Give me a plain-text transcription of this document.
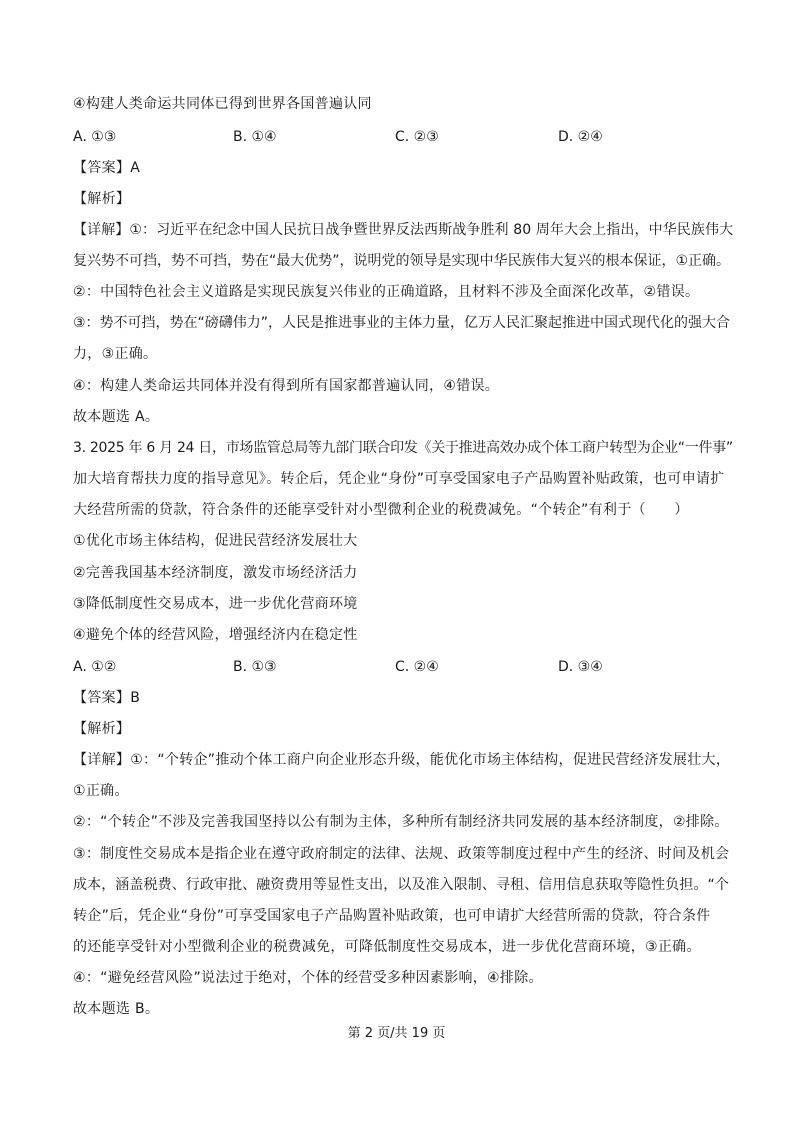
④构建人类命运共同体已得到世界各国普遍认同
A. ①③	B. ①④	C. ②③	D. ②④
【答案】A
【解析】
【详解】①：习近平在纪念中国人民抗日战争暨世界反法西斯战争胜利 80 周年大会上指出，中华民族伟大
复兴势不可挡，势不可挡，势在“最大优势”，说明党的领导是实现中华民族伟大复兴的根本保证，①正确。
②：中国特色社会主义道路是实现民族复兴伟业的正确道路，且材料不涉及全面深化改革，②错误。
③：势不可挡，势在“磅礴伟力”，人民是推进事业的主体力量，亿万人民汇聚起推进中国式现代化的强大合
力，③正确。
④：构建人类命运共同体并没有得到所有国家都普遍认同，④错误。
故本题选 A。
3. 2025 年 6 月 24 日，市场监管总局等九部门联合印发《关于推进高效办成个体工商户转型为企业“一件事”
加大培育帮扶力度的指导意见》。转企后，凭企业“身份”可享受国家电子产品购置补贴政策，也可申请扩
大经营所需的贷款，符合条件的还能享受针对小型微利企业的税费减免。“个转企”有利于（　　）
①优化市场主体结构，促进民营经济发展壮大
②完善我国基本经济制度，激发市场经济活力
③降低制度性交易成本，进一步优化营商环境
④避免个体的经营风险，增强经济内在稳定性
A. ①②	B. ①③	C. ②④	D. ③④
【答案】B
【解析】
【详解】①：“个转企”推动个体工商户向企业形态升级，能优化市场主体结构，促进民营经济发展壮大，
①正确。
②：“个转企”不涉及完善我国坚持以公有制为主体，多种所有制经济共同发展的基本经济制度，②排除。
③：制度性交易成本是指企业在遵守政府制定的法律、法规、政策等制度过程中产生的经济、时间及机会
成本，涵盖税费、行政审批、融资费用等显性支出，以及准入限制、寻租、信用信息获取等隐性负担。“个
转企”后，凭企业“身份”可享受国家电子产品购置补贴政策，也可申请扩大经营所需的贷款，符合条件
的还能享受针对小型微利企业的税费减免，可降低制度性交易成本，进一步优化营商环境，③正确。
④：“避免经营风险”说法过于绝对，个体的经营受多种因素影响，④排除。
故本题选 B。
第 2 页/共 19 页
